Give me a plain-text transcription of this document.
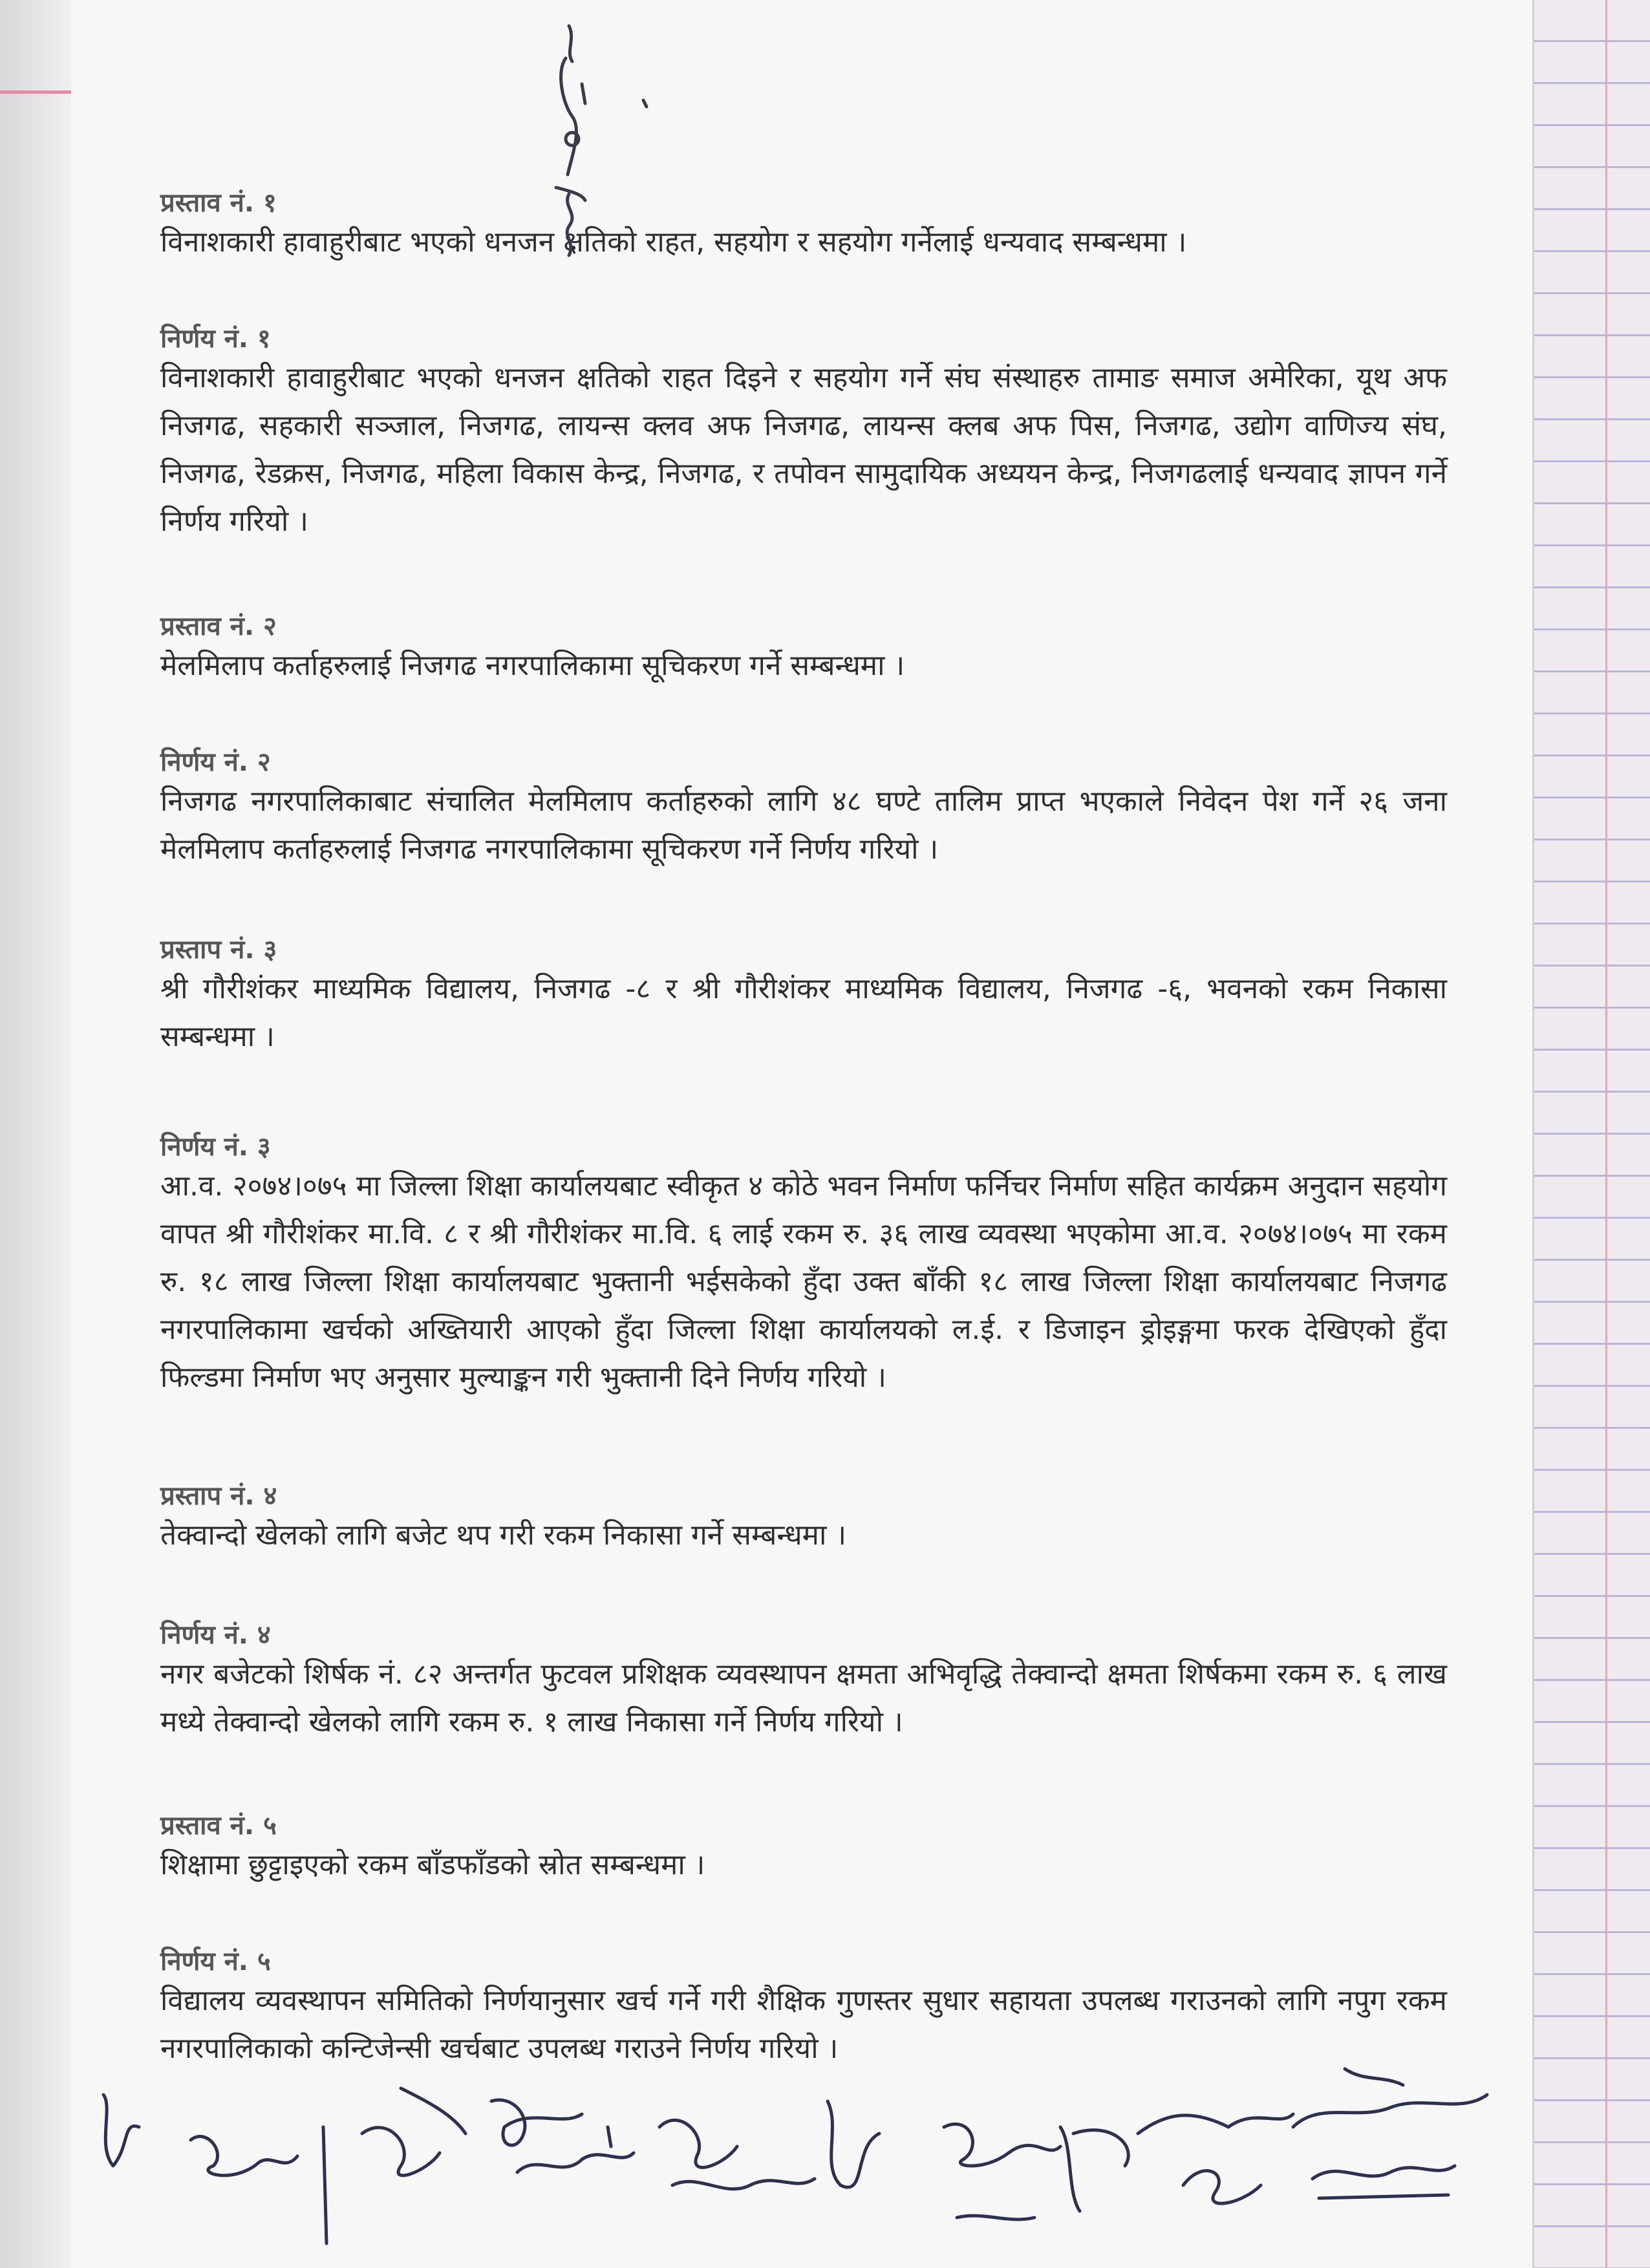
प्रस्ताव नं. १

विनाशकारी हावाहुरीबाट भएको धनजन क्षतिको राहत, सहयोग र सहयोग गर्नेलाई धन्यवाद सम्बन्धमा ।

निर्णय नं. १

विनाशकारी हावाहुरीबाट भएको धनजन क्षतिको राहत दिइने र सहयोग गर्ने संघ संस्थाहरु तामाङ समाज अमेरिका, यूथ अफ निजगढ, सहकारी सञ्जाल, निजगढ, लायन्स क्लव अफ निजगढ, लायन्स क्लब अफ पिस, निजगढ, उद्योग वाणिज्य संघ, निजगढ, रेडक्रस, निजगढ, महिला विकास केन्द्र, निजगढ, र तपोवन सामुदायिक अध्ययन केन्द्र, निजगढलाई धन्यवाद ज्ञापन गर्ने निर्णय गरियो ।

प्रस्ताव नं. २

मेलमिलाप कर्ताहरुलाई निजगढ नगरपालिकामा सूचिकरण गर्ने सम्बन्धमा ।

निर्णय नं. २

निजगढ नगरपालिकाबाट संचालित मेलमिलाप कर्ताहरुको लागि ४८ घण्टे तालिम प्राप्त भएकाले निवेदन पेश गर्ने २६ जना मेलमिलाप कर्ताहरुलाई निजगढ नगरपालिकामा सूचिकरण गर्ने निर्णय गरियो ।

प्रस्ताप नं. ३

श्री गौरीशंकर माध्यमिक विद्यालय, निजगढ -८ र श्री गौरीशंकर माध्यमिक विद्यालय, निजगढ -६, भवनको रकम निकासा सम्बन्धमा ।

निर्णय नं. ३

आ.व. २०७४।०७५ मा जिल्ला शिक्षा कार्यालयबाट स्वीकृत ४ कोठे भवन निर्माण फर्निचर निर्माण सहित कार्यक्रम अनुदान सहयोग वापत श्री गौरीशंकर मा.वि. ८ र श्री गौरीशंकर मा.वि. ६ लाई रकम रु. ३६ लाख व्यवस्था भएकोमा आ.व. २०७४।०७५ मा रकम रु. १८ लाख जिल्ला शिक्षा कार्यालयबाट भुक्तानी भईसकेको हुँदा उक्त बाँकी १८ लाख जिल्ला शिक्षा कार्यालयबाट निजगढ नगरपालिकामा खर्चको अख्तियारी आएको हुँदा जिल्ला शिक्षा कार्यालयको ल.ई. र डिजाइन ड्रोइङ्गमा फरक देखिएको हुँदा फिल्डमा निर्माण भए अनुसार मुल्याङ्कन गरी भुक्तानी दिने निर्णय गरियो ।

प्रस्ताप नं. ४

तेक्वान्दो खेलको लागि बजेट थप गरी रकम निकासा गर्ने सम्बन्धमा ।

निर्णय नं. ४

नगर बजेटको शिर्षक नं. ८२ अन्तर्गत फुटवल प्रशिक्षक व्यवस्थापन क्षमता अभिवृद्धि तेक्वान्दो क्षमता शिर्षकमा रकम रु. ६ लाख मध्ये तेक्वान्दो खेलको लागि रकम रु. १ लाख निकासा गर्ने निर्णय गरियो ।

प्रस्ताव नं. ५

शिक्षामा छुट्टाइएको रकम बाँडफाँडको स्रोत सम्बन्धमा ।

निर्णय नं. ५

विद्यालय व्यवस्थापन समितिको निर्णयानुसार खर्च गर्ने गरी शैक्षिक गुणस्तर सुधार सहायता उपलब्ध गराउनको लागि नपुग रकम नगरपालिकाको कन्टिजेन्सी खर्चबाट उपलब्ध गराउने निर्णय गरियो ।
